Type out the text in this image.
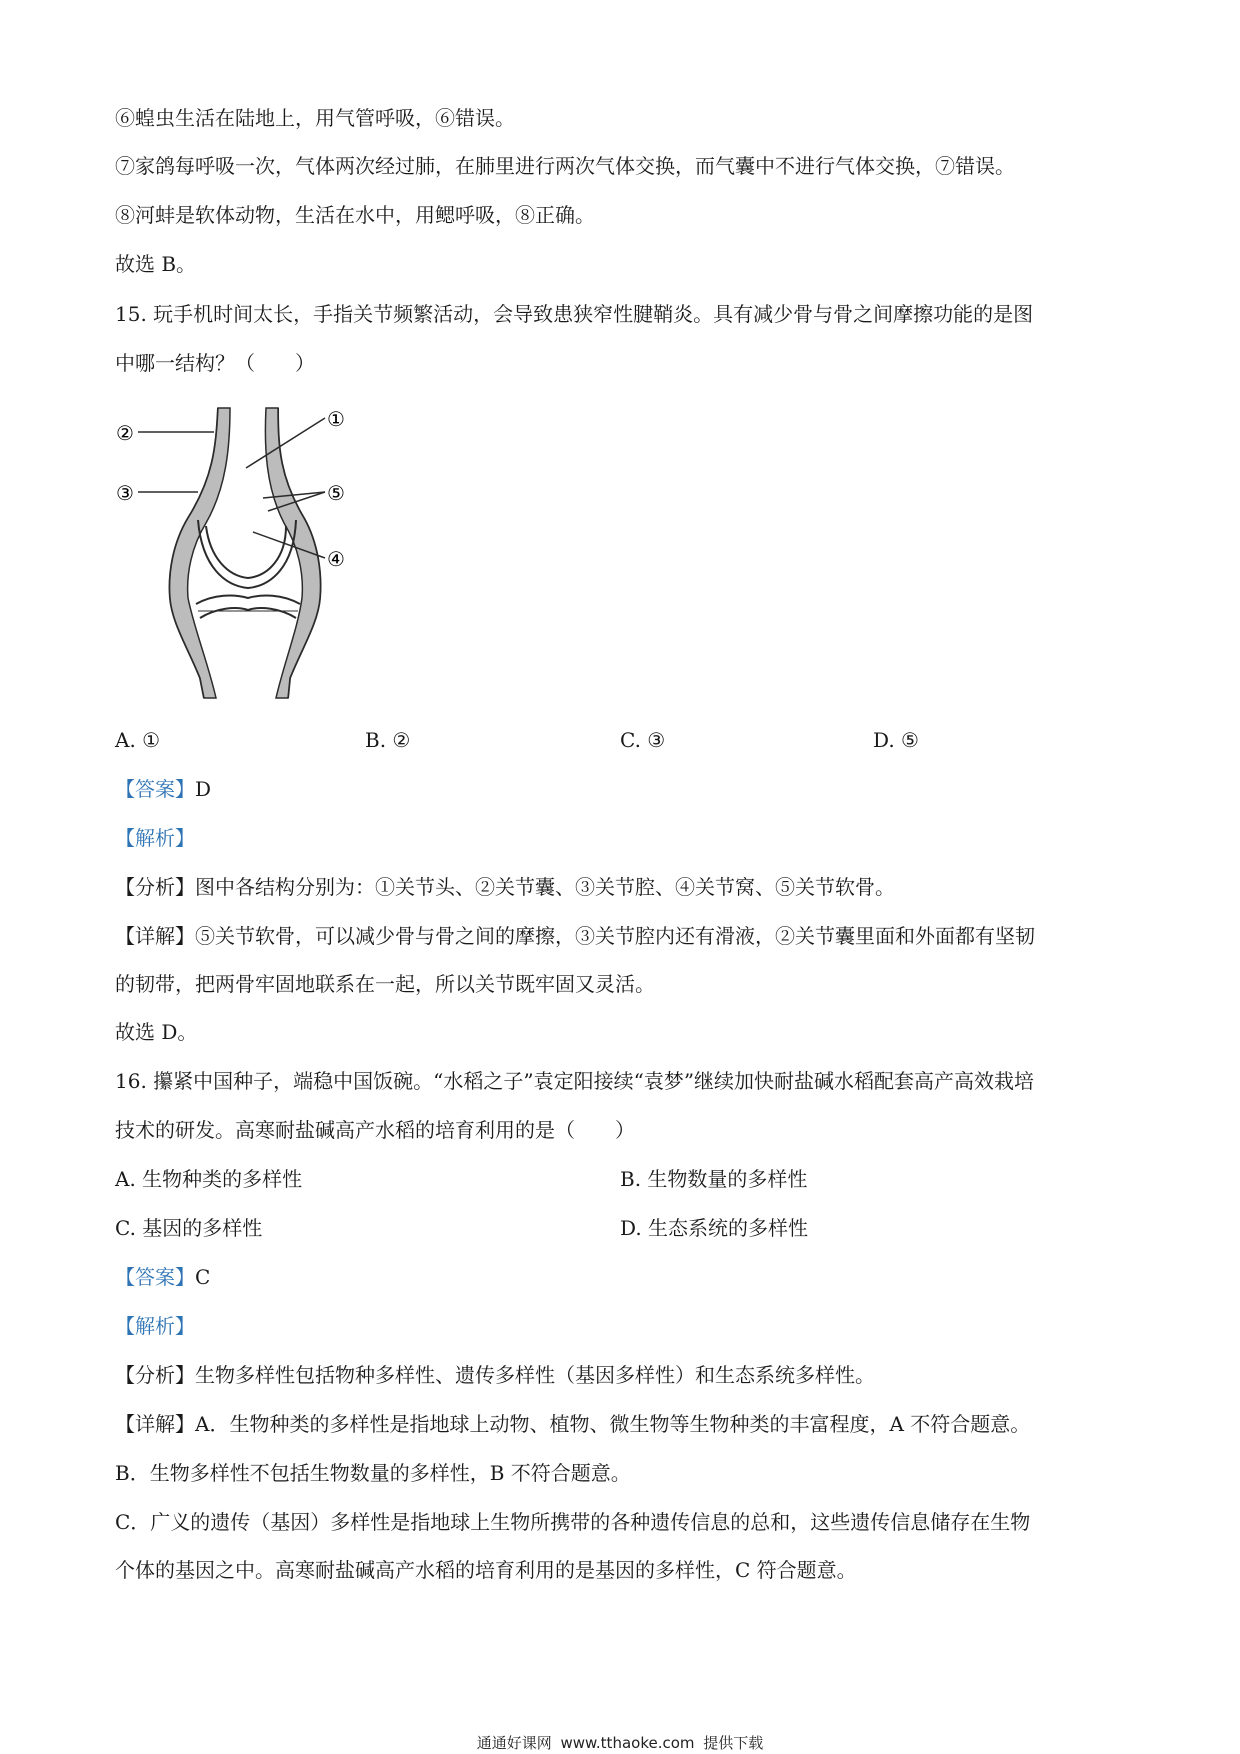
⑥蝗虫生活在陆地上，用气管呼吸，⑥错误。
⑦家鸽每呼吸一次，气体两次经过肺，在肺里进行两次气体交换，而气囊中不进行气体交换，⑦错误。
⑧河蚌是软体动物，生活在水中，用鳃呼吸，⑧正确。
故选 B。
15. 玩手机时间太长，手指关节频繁活动，会导致患狭窄性腱鞘炎。具有减少骨与骨之间摩擦功能的是图
中哪一结构？（　　）
①
②
③	⑤
④
A. ①	B. ②	C. ③	D. ⑤
【答案】D
【解析】
【分析】图中各结构分别为：①关节头、②关节囊、③关节腔、④关节窝、⑤关节软骨。
【详解】⑤关节软骨，可以减少骨与骨之间的摩擦，③关节腔内还有滑液，②关节囊里面和外面都有坚韧
的韧带，把两骨牢固地联系在一起，所以关节既牢固又灵活。
故选 D。
16. 攥紧中国种子，端稳中国饭碗。“水稻之子”袁定阳接续“袁梦”继续加快耐盐碱水稻配套高产高效栽培
技术的研发。高寒耐盐碱高产水稻的培育利用的是（　　）
A. 生物种类的多样性	B. 生物数量的多样性
C. 基因的多样性	D. 生态系统的多样性
【答案】C
【解析】
【分析】生物多样性包括物种多样性、遗传多样性（基因多样性）和生态系统多样性。
【详解】A．生物种类的多样性是指地球上动物、植物、微生物等生物种类的丰富程度，A 不符合题意。
B．生物多样性不包括生物数量的多样性，B 不符合题意。
C．广义的遗传（基因）多样性是指地球上生物所携带的各种遗传信息的总和，这些遗传信息储存在生物
个体的基因之中。高寒耐盐碱高产水稻的培育利用的是基因的多样性，C 符合题意。
通通好课网 www.tthaoke.com 提供下载
